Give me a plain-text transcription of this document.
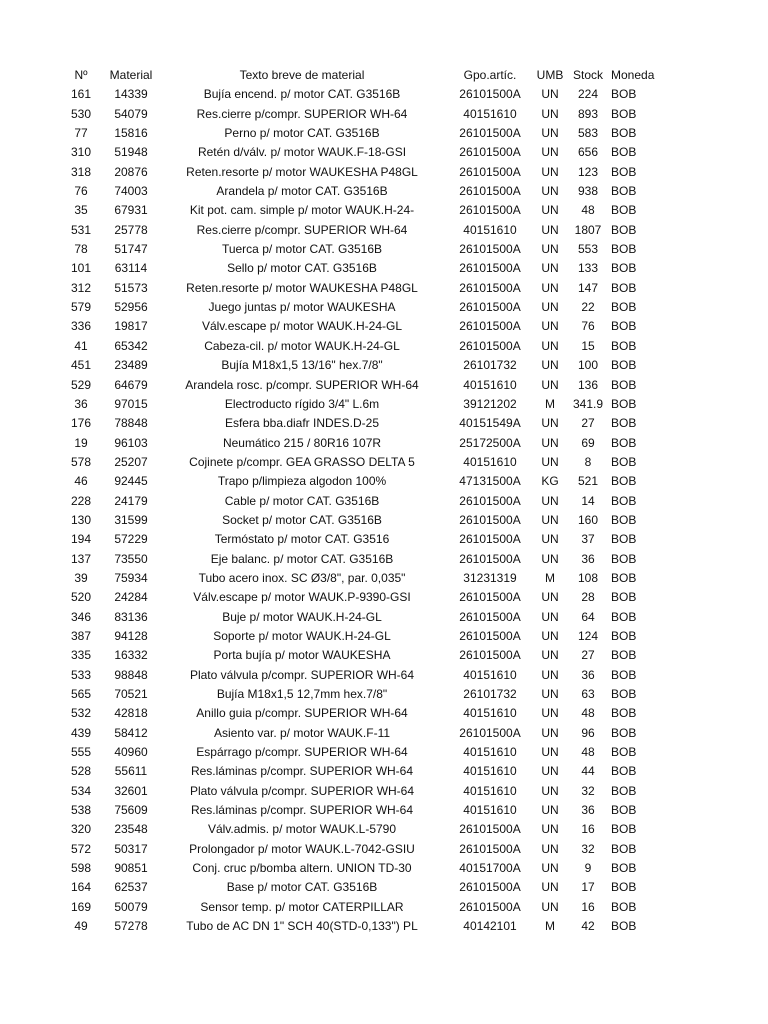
	Nº	Material	Texto breve de material	Gpo.artíc.	UMB	Stock	Moneda	
	161	14339	Bujía encend. p/ motor CAT. G3516B	26101500A	UN	224	BOB	
	530	54079	Res.cierre p/compr. SUPERIOR WH-64	40151610	UN	893	BOB	
	77	15816	Perno p/ motor CAT. G3516B	26101500A	UN	583	BOB	
	310	51948	Retén d/válv. p/ motor WAUK.F-18-GSI	26101500A	UN	656	BOB	
	318	20876	Reten.resorte p/ motor WAUKESHA P48GL	26101500A	UN	123	BOB	
	76	74003	Arandela p/ motor CAT. G3516B	26101500A	UN	938	BOB	
	35	67931	Kit pot. cam. simple p/ motor WAUK.H-24-	26101500A	UN	48	BOB	
	531	25778	Res.cierre p/compr. SUPERIOR WH-64	40151610	UN	1807	BOB	
	78	51747	Tuerca p/ motor CAT. G3516B	26101500A	UN	553	BOB	
	101	63114	Sello p/ motor CAT. G3516B	26101500A	UN	133	BOB	
	312	51573	Reten.resorte p/ motor WAUKESHA P48GL	26101500A	UN	147	BOB	
	579	52956	Juego juntas p/ motor WAUKESHA	26101500A	UN	22	BOB	
	336	19817	Válv.escape p/ motor WAUK.H-24-GL	26101500A	UN	76	BOB	
	41	65342	Cabeza-cil. p/ motor WAUK.H-24-GL	26101500A	UN	15	BOB	
	451	23489	Bujía M18x1,5 13/16" hex.7/8"	26101732	UN	100	BOB	
	529	64679	Arandela rosc. p/compr. SUPERIOR WH-64	40151610	UN	136	BOB	
	36	97015	Electroducto rígido 3/4" L.6m	39121202	M	341.9	BOB	
	176	78848	Esfera bba.diafr INDES.D-25	40151549A	UN	27	BOB	
	19	96103	Neumático 215 / 80R16 107R	25172500A	UN	69	BOB	
	578	25207	Cojinete p/compr. GEA GRASSO DELTA 5	40151610	UN	8	BOB	
	46	92445	Trapo p/limpieza algodon 100%	47131500A	KG	521	BOB	
	228	24179	Cable p/ motor CAT. G3516B	26101500A	UN	14	BOB	
	130	31599	Socket p/ motor CAT. G3516B	26101500A	UN	160	BOB	
	194	57229	Termóstato p/ motor CAT. G3516	26101500A	UN	37	BOB	
	137	73550	Eje balanc. p/ motor CAT. G3516B	26101500A	UN	36	BOB	
	39	75934	Tubo acero inox. SC Ø3/8", par. 0,035"	31231319	M	108	BOB	
	520	24284	Válv.escape p/ motor WAUK.P-9390-GSI	26101500A	UN	28	BOB	
	346	83136	Buje p/ motor WAUK.H-24-GL	26101500A	UN	64	BOB	
	387	94128	Soporte p/ motor WAUK.H-24-GL	26101500A	UN	124	BOB	
	335	16332	Porta bujía p/ motor WAUKESHA	26101500A	UN	27	BOB	
	533	98848	Plato válvula p/compr. SUPERIOR WH-64	40151610	UN	36	BOB	
	565	70521	Bujía M18x1,5 12,7mm hex.7/8"	26101732	UN	63	BOB	
	532	42818	Anillo guia p/compr. SUPERIOR WH-64	40151610	UN	48	BOB	
	439	58412	Asiento var. p/ motor WAUK.F-11	26101500A	UN	96	BOB	
	555	40960	Espárrago p/compr. SUPERIOR WH-64	40151610	UN	48	BOB	
	528	55611	Res.láminas p/compr. SUPERIOR WH-64	40151610	UN	44	BOB	
	534	32601	Plato válvula p/compr. SUPERIOR WH-64	40151610	UN	32	BOB	
	538	75609	Res.láminas p/compr. SUPERIOR WH-64	40151610	UN	36	BOB	
	320	23548	Válv.admis. p/ motor WAUK.L-5790	26101500A	UN	16	BOB	
	572	50317	Prolongador p/ motor WAUK.L-7042-GSIU	26101500A	UN	32	BOB	
	598	90851	Conj. cruc p/bomba altern. UNION TD-30	40151700A	UN	9	BOB	
	164	62537	Base p/ motor CAT. G3516B	26101500A	UN	17	BOB	
	169	50079	Sensor temp. p/ motor CATERPILLAR	26101500A	UN	16	BOB	
	49	57278	Tubo de AC DN 1" SCH 40(STD-0,133") PL	40142101	M	42	BOB	
